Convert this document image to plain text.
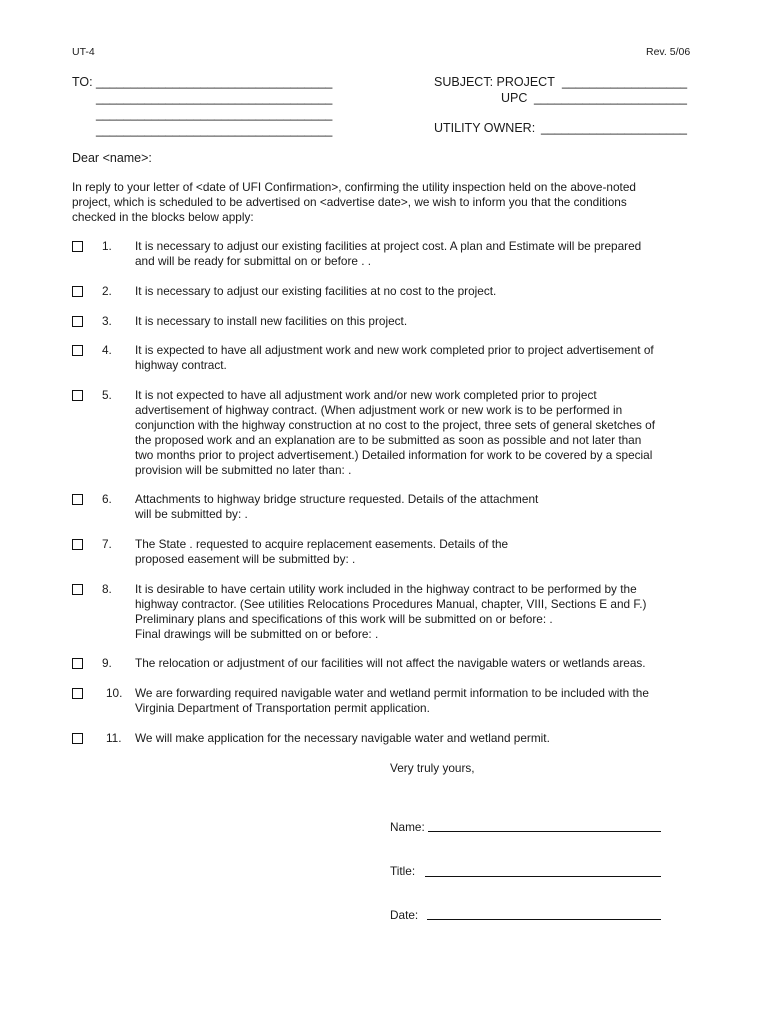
UT-4	Rev. 5/06
TO: __________________________________
__________________________________
__________________________________
__________________________________
SUBJECT: PROJECT __________________
UPC ______________________
UTILITY OWNER: _____________________
Dear <name>:
In reply to your letter of <date of UFI Confirmation>, confirming the utility inspection held on the above-noted
project, which is scheduled to be advertised on <advertise date>, we wish to inform you that the conditions
checked in the blocks below apply:
1.	It is necessary to adjust our existing facilities at project cost. A plan and Estimate will be prepared
and will be ready for submittal on or before . .
2.	It is necessary to adjust our existing facilities at no cost to the project.
3.	It is necessary to install new facilities on this project.
4.	It is expected to have all adjustment work and new work completed prior to project advertisement of
highway contract.
5.	It is not expected to have all adjustment work and/or new work completed prior to project
advertisement of highway contract. (When adjustment work or new work is to be performed in
conjunction with the highway construction at no cost to the project, three sets of general sketches of
the proposed work and an explanation are to be submitted as soon as possible and not later than
two months prior to project advertisement.) Detailed information for work to be covered by a special
provision will be submitted no later than: .
6.	Attachments to highway bridge structure requested. Details of the attachment
will be submitted by: .
7.	The State . requested to acquire replacement easements. Details of the
proposed easement will be submitted by: .
8.	It is desirable to have certain utility work included in the highway contract to be performed by the
highway contractor. (See utilities Relocations Procedures Manual, chapter, VIII, Sections E and F.)
Preliminary plans and specifications of this work will be submitted on or before: .
Final drawings will be submitted on or before: .
9.	The relocation or adjustment of our facilities will not affect the navigable waters or wetlands areas.
10.	We are forwarding required navigable water and wetland permit information to be included with the
Virginia Department of Transportation permit application.
11.	We will make application for the necessary navigable water and wetland permit.
Very truly yours,
Name:
Title:
Date:
